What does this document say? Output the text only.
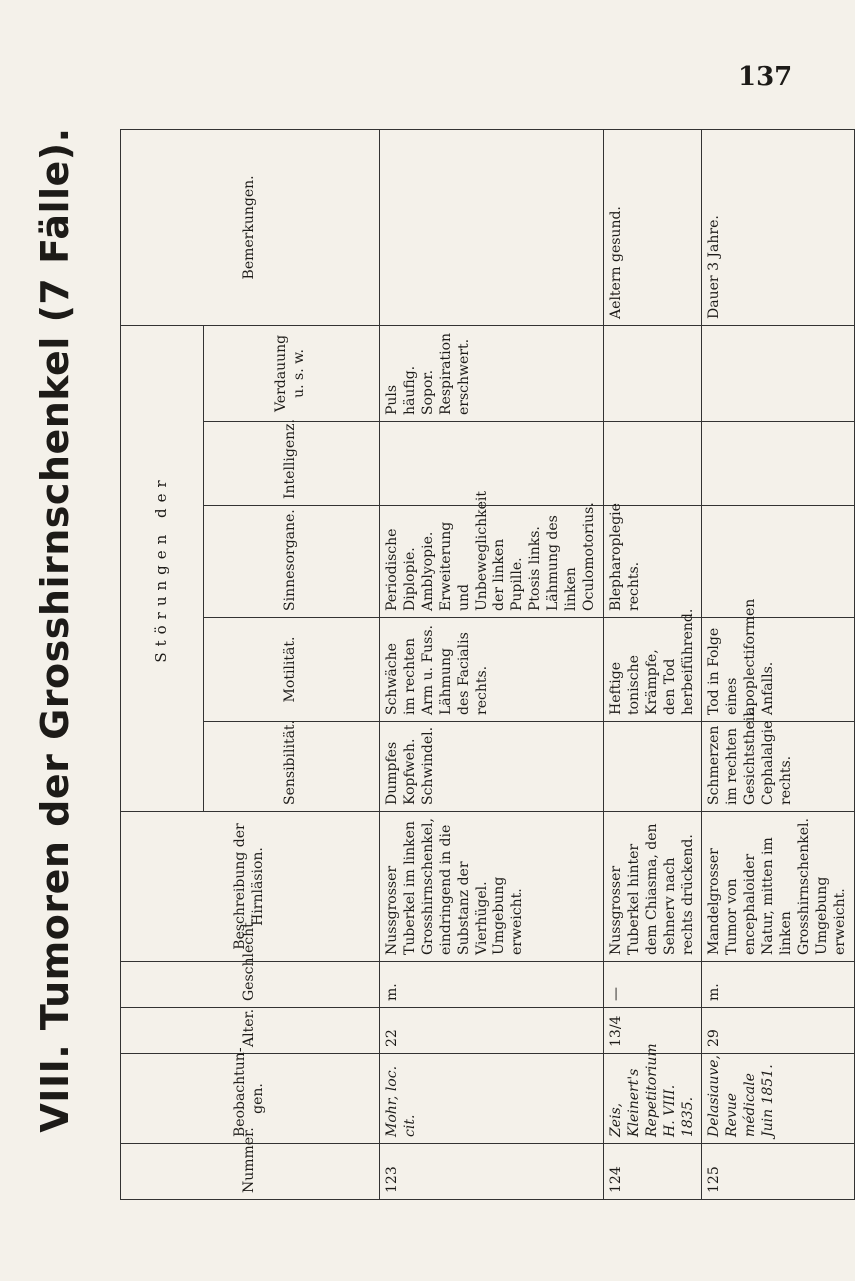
137
VIII. Tumoren der Grosshirnschenkel (7 Fälle).
Nummer.	Beobachtun-gen.	Alter.	Geschlecht.	Beschreibung der Hirnläsion.	Störungen der					Bemerkungen.
					Sensibilität.	Motilität.	Sinnesorgane.	Intelligenz.	Verdauung u. s. w.	
123	Mohr, loc. cit.	22	m.	Nussgrosser Tuberkel im linken Grosshirnschenkel, eindringend in die Substanz der Vierhügel. Umgebung erweicht.	Dumpfes Kopfweh. Schwindel.	Schwäche im rechten Arm u. Fuss. Lähmung des Facialis rechts.	Periodische Diplopie. Amblyopie. Erweiterung und Unbeweglichkeit der linken Pupille. Ptosis links. Lähmung des linken Oculomotorius.		Puls häufig. Sopor. Respiration erschwert.	
124	Zeis, Kleinert's Repetitorium H. VIII. 1835.	13/4	—	Nussgrosser Tuberkel hinter dem Chiasma, den Sehnerv nach rechts drückend.		Heftige tonische Krämpfe, den Tod herbeiführend.	Blepharoplegie rechts.			Aeltern gesund.
125	Delasiauve, Revue médicale Juin 1851.	29	m.	Mandelgrosser Tumor von encephaloider Natur, mitten im linken Grosshirnschenkel. Umgebung erweicht.	Schmerzen im rechten Gesichtstheil. Cephalalgie rechts.	Tod in Folge eines apoplectiformen Anfalls.				Dauer 3 Jahre.
